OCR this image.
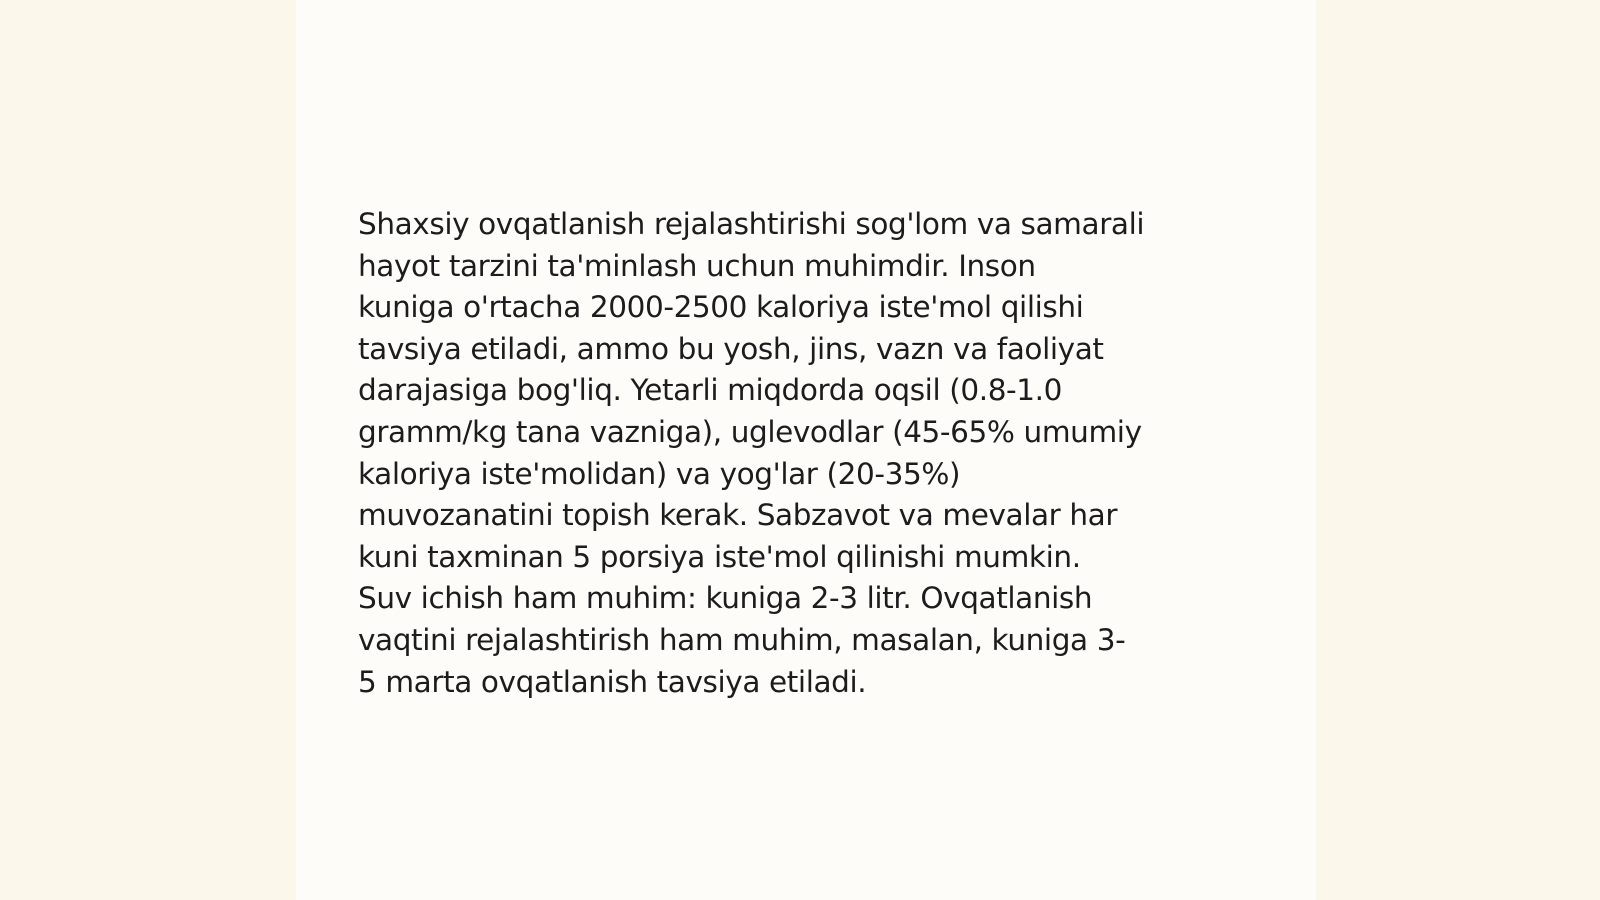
Shaxsiy ovqatlanish rejalashtirishi sog'lom va samarali
hayot tarzini ta'minlash uchun muhimdir. Inson
kuniga o'rtacha 2000-2500 kaloriya iste'mol qilishi
tavsiya etiladi, ammo bu yosh, jins, vazn va faoliyat
darajasiga bog'liq. Yetarli miqdorda oqsil (0.8-1.0
gramm/kg tana vazniga), uglevodlar (45-65% umumiy
kaloriya iste'molidan) va yog'lar (20-35%)
muvozanatini topish kerak. Sabzavot va mevalar har
kuni taxminan 5 porsiya iste'mol qilinishi mumkin.
Suv ichish ham muhim: kuniga 2-3 litr. Ovqatlanish
vaqtini rejalashtirish ham muhim, masalan, kuniga 3-
5 marta ovqatlanish tavsiya etiladi.
